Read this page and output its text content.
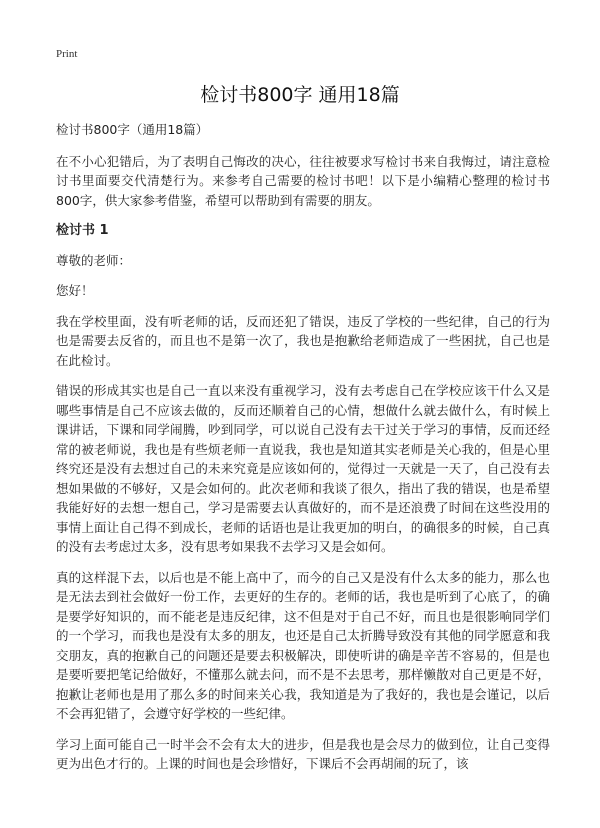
Print
检讨书800字 通用18篇

检讨书800字（通用18篇）

在不小心犯错后，为了表明自己悔改的决心，往往被要求写检讨书来自我悔过，请注意检讨书里面要交代清楚行为。来参考自己需要的检讨书吧！以下是小编精心整理的检讨书800字，供大家参考借鉴，希望可以帮助到有需要的朋友。

检讨书 1

尊敬的老师：

您好！

我在学校里面，没有听老师的话，反而还犯了错误，违反了学校的一些纪律，自己的行为也是需要去反省的，而且也不是第一次了，我也是抱歉给老师造成了一些困扰，自己也是在此检讨。

错误的形成其实也是自己一直以来没有重视学习，没有去考虑自己在学校应该干什么又是哪些事情是自己不应该去做的，反而还顺着自己的心情，想做什么就去做什么，有时候上课讲话，下课和同学闹腾，吵到同学，可以说自己没有去干过关于学习的事情，反而还经常的被老师说，我也是有些烦老师一直说我，我也是知道其实老师是关心我的，但是心里终究还是没有去想过自己的未来究竟是应该如何的，觉得过一天就是一天了，自己没有去想如果做的不够好，又是会如何的。此次老师和我谈了很久，指出了我的错误，也是希望我能好好的去想一想自己，学习是需要去认真做好的，而不是还浪费了时间在这些没用的事情上面让自己得不到成长，老师的话语也是让我更加的明白，的确很多的时候，自己真的没有去考虑过太多，没有思考如果我不去学习又是会如何。

真的这样混下去，以后也是不能上高中了，而今的自己又是没有什么太多的能力，那么也是无法去到社会做好一份工作，去更好的生存的。老师的话，我也是听到了心底了，的确是要学好知识的，而不能老是违反纪律，这不但是对于自己不好，而且也是很影响同学们的一个学习，而我也是没有太多的朋友，也还是自己太折腾导致没有其他的同学愿意和我交朋友，真的抱歉自己的问题还是要去积极解决，即使听讲的确是辛苦不容易的，但是也是要听要把笔记给做好，不懂那么就去问，而不是不去思考，那样懒散对自己更是不好，抱歉让老师也是用了那么多的时间来关心我，我知道是为了我好的，我也是会谨记，以后不会再犯错了，会遵守好学校的一些纪律。

学习上面可能自己一时半会不会有太大的进步，但是我也是会尽力的做到位，让自己变得更为出色才行的。上课的时间也是会珍惜好，下课后不会再胡闹的玩了，该
